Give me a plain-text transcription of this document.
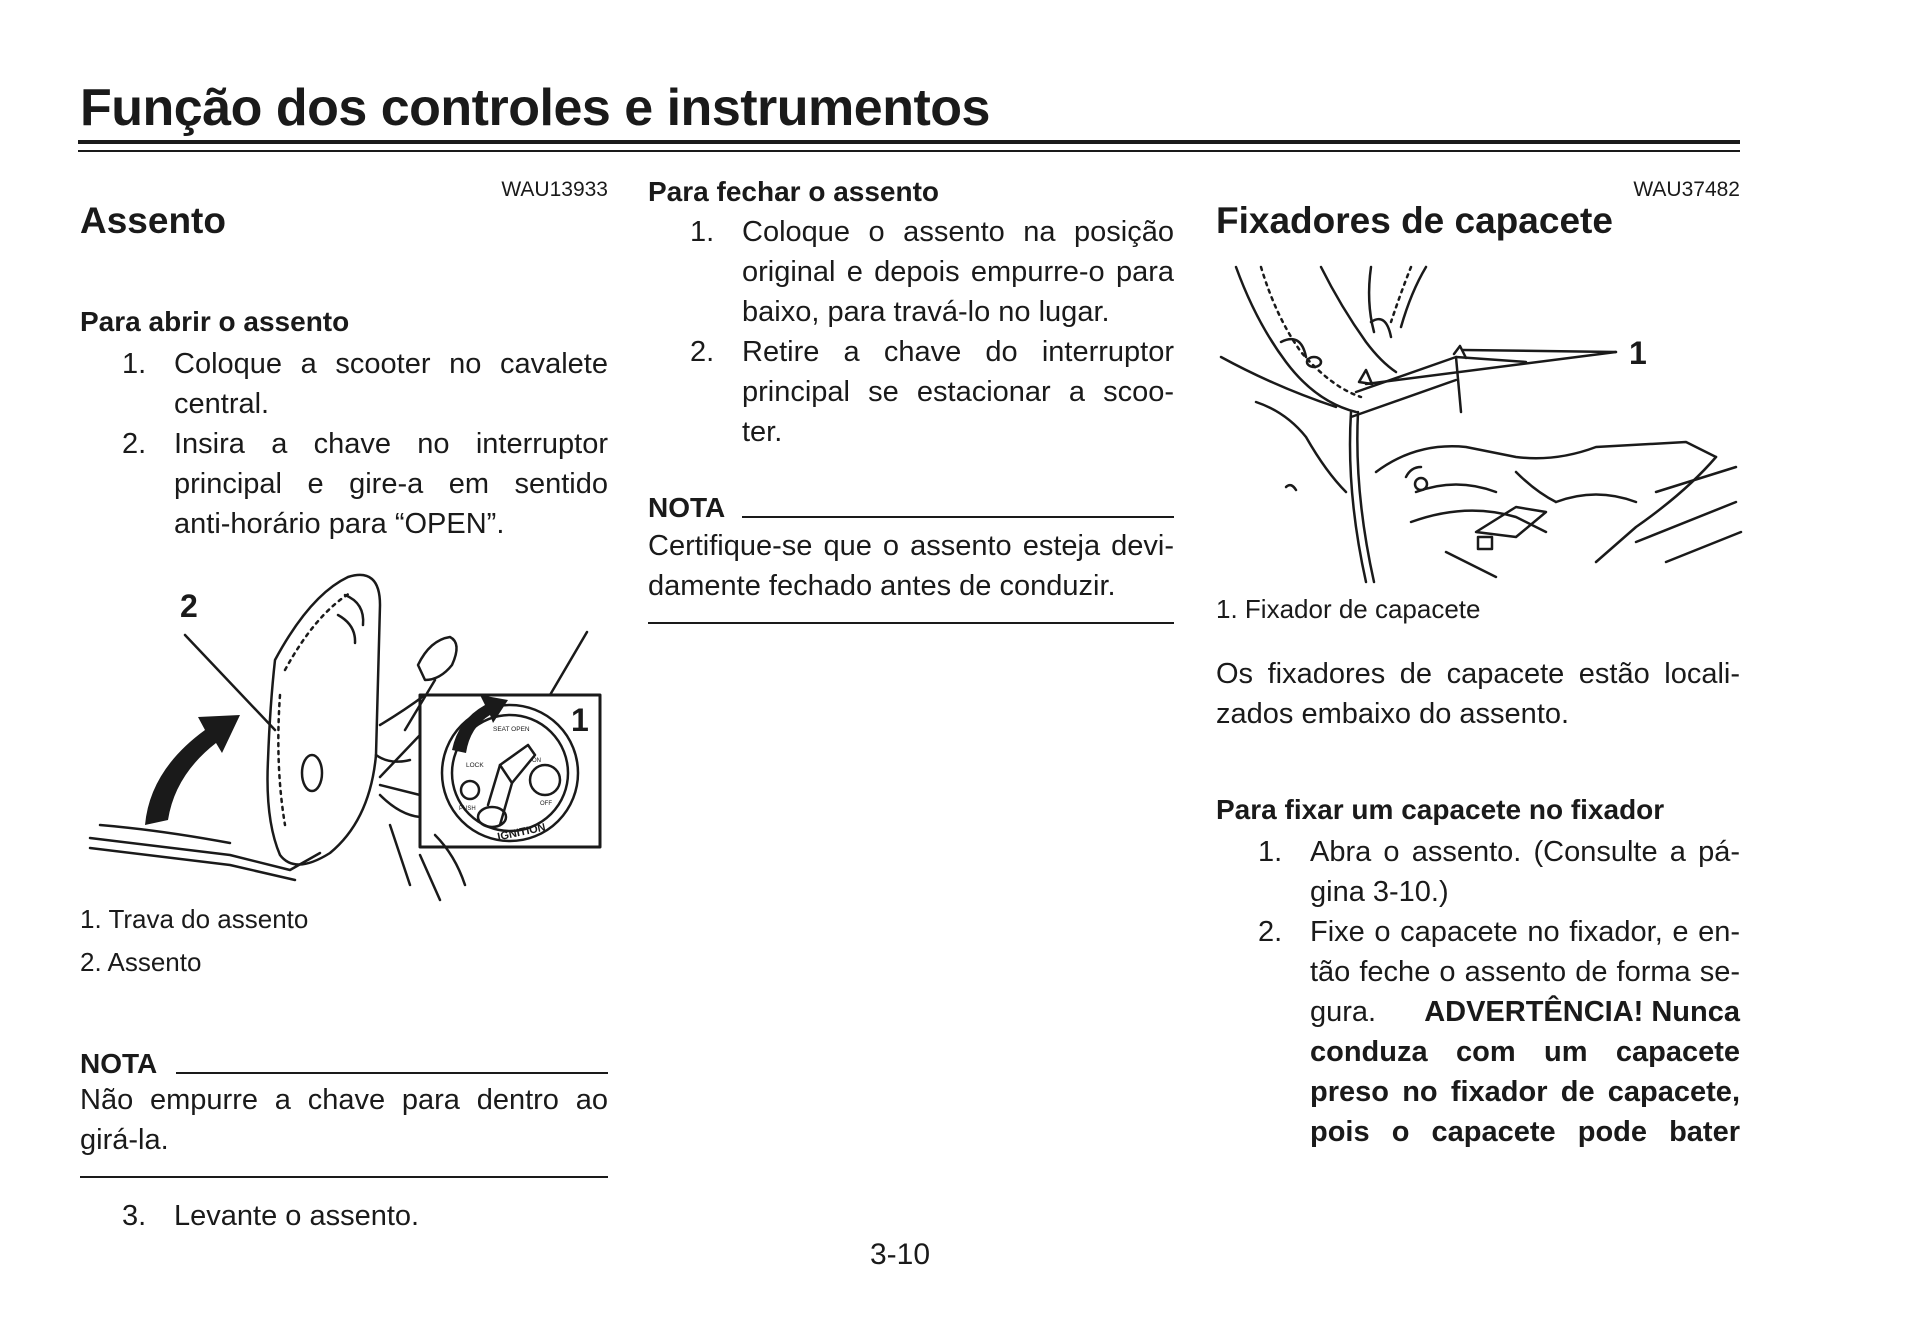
Função dos controles e instrumentos
WAU13933
Assento
Para abrir o assento
1. Coloque a scooter no cavalete
central.
2. Insira a chave no interruptor
principal e gire-a em sentido
anti-horário para “OPEN”.
SEAT OPEN
LOCK
PUSH
ON
OFF
IGNITION
2
1
1. Trava do assento
2. Assento
NOTA
Não empurre a chave para dentro ao
girá-la.
3. Levante o assento.
Para fechar o assento
1. Coloque o assento na posição
original e depois empurre-o para
baixo, para travá-lo no lugar.
2. Retire a chave do interruptor
principal se estacionar a scoo-
ter.
NOTA
Certifique-se que o assento esteja devi-
damente fechado antes de conduzir.
WAU37482
Fixadores de capacete
1
1. Fixador de capacete
Os fixadores de capacete estão locali-
zados embaixo do assento.
Para fixar um capacete no fixador
1. Abra o assento. (Consulte a pá-
gina 3-10.)
2. Fixe o capacete no fixador, e en-
tão feche o assento de forma se-
gura. ADVERTÊNCIA! Nunca
conduza com um capacete
preso no fixador de capacete,
pois o capacete pode bater
3-10
